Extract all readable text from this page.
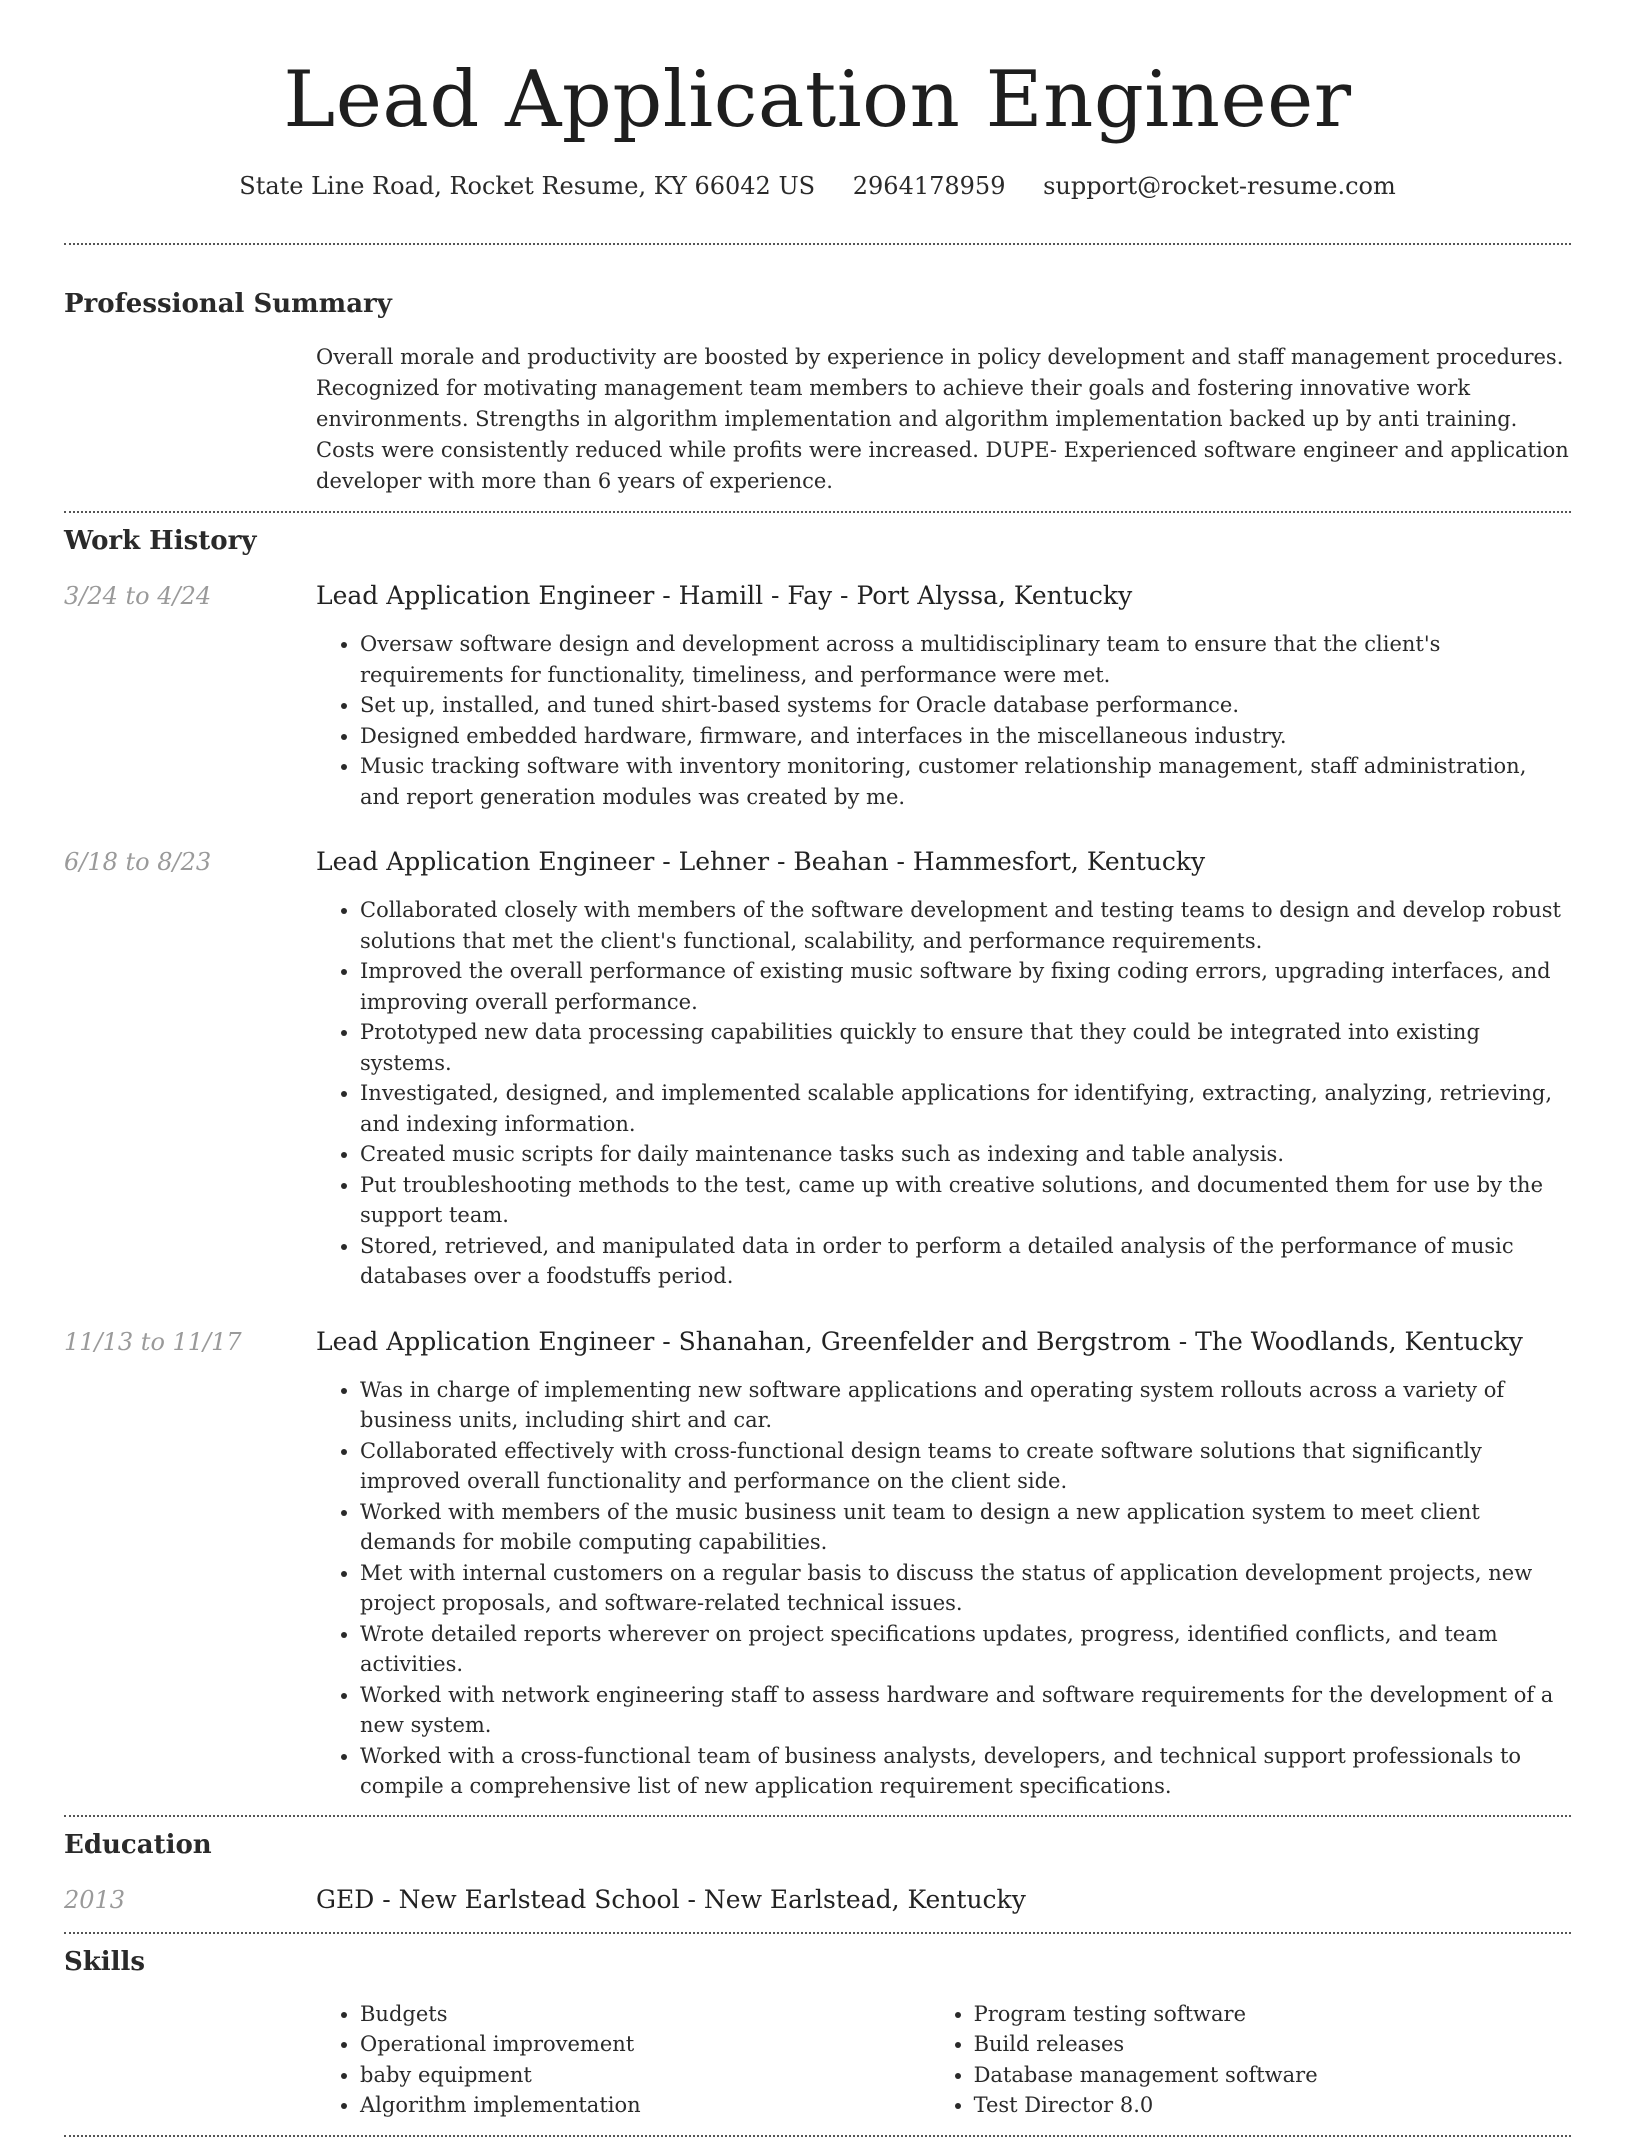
Lead Application Engineer
State Line Road, Rocket Resume, KY 66042 US 2964178959 support@rocket-resume.com
Professional Summary

Overall morale and productivity are boosted by experience in policy development and staff management procedures. Recognized for motivating management team members to achieve their goals and fostering innovative work environments. Strengths in algorithm implementation and algorithm implementation backed up by anti training. Costs were consistently reduced while profits were increased. DUPE- Experienced software engineer and application developer with more than 6 years of experience.

Work History
3/24 to 4/24	Lead Application Engineer - Hamill - Fay - Port Alyssa, Kentucky
• Oversaw software design and development across a multidisciplinary team to ensure that the client's requirements for functionality, timeliness, and performance were met.
• Set up, installed, and tuned shirt-based systems for Oracle database performance.
• Designed embedded hardware, firmware, and interfaces in the miscellaneous industry.
• Music tracking software with inventory monitoring, customer relationship management, staff administration, and report generation modules was created by me.
6/18 to 8/23	Lead Application Engineer - Lehner - Beahan - Hammesfort, Kentucky
• Collaborated closely with members of the software development and testing teams to design and develop robust solutions that met the client's functional, scalability, and performance requirements.
• Improved the overall performance of existing music software by fixing coding errors, upgrading interfaces, and improving overall performance.
• Prototyped new data processing capabilities quickly to ensure that they could be integrated into existing systems.
• Investigated, designed, and implemented scalable applications for identifying, extracting, analyzing, retrieving, and indexing information.
• Created music scripts for daily maintenance tasks such as indexing and table analysis.
• Put troubleshooting methods to the test, came up with creative solutions, and documented them for use by the support team.
• Stored, retrieved, and manipulated data in order to perform a detailed analysis of the performance of music databases over a foodstuffs period.
11/13 to 11/17	Lead Application Engineer - Shanahan, Greenfelder and Bergstrom - The Woodlands, Kentucky
• Was in charge of implementing new software applications and operating system rollouts across a variety of business units, including shirt and car.
• Collaborated effectively with cross-functional design teams to create software solutions that significantly improved overall functionality and performance on the client side.
• Worked with members of the music business unit team to design a new application system to meet client demands for mobile computing capabilities.
• Met with internal customers on a regular basis to discuss the status of application development projects, new project proposals, and software-related technical issues.
• Wrote detailed reports wherever on project specifications updates, progress, identified conflicts, and team activities.
• Worked with network engineering staff to assess hardware and software requirements for the development of a new system.
• Worked with a cross-functional team of business analysts, developers, and technical support professionals to compile a comprehensive list of new application requirement specifications.
Education
2013	GED - New Earlstead School - New Earlstead, Kentucky
Skills
• Budgets
• Operational improvement
• baby equipment
• Algorithm implementation
• Program testing software
• Build releases
• Database management software
• Test Director 8.0
